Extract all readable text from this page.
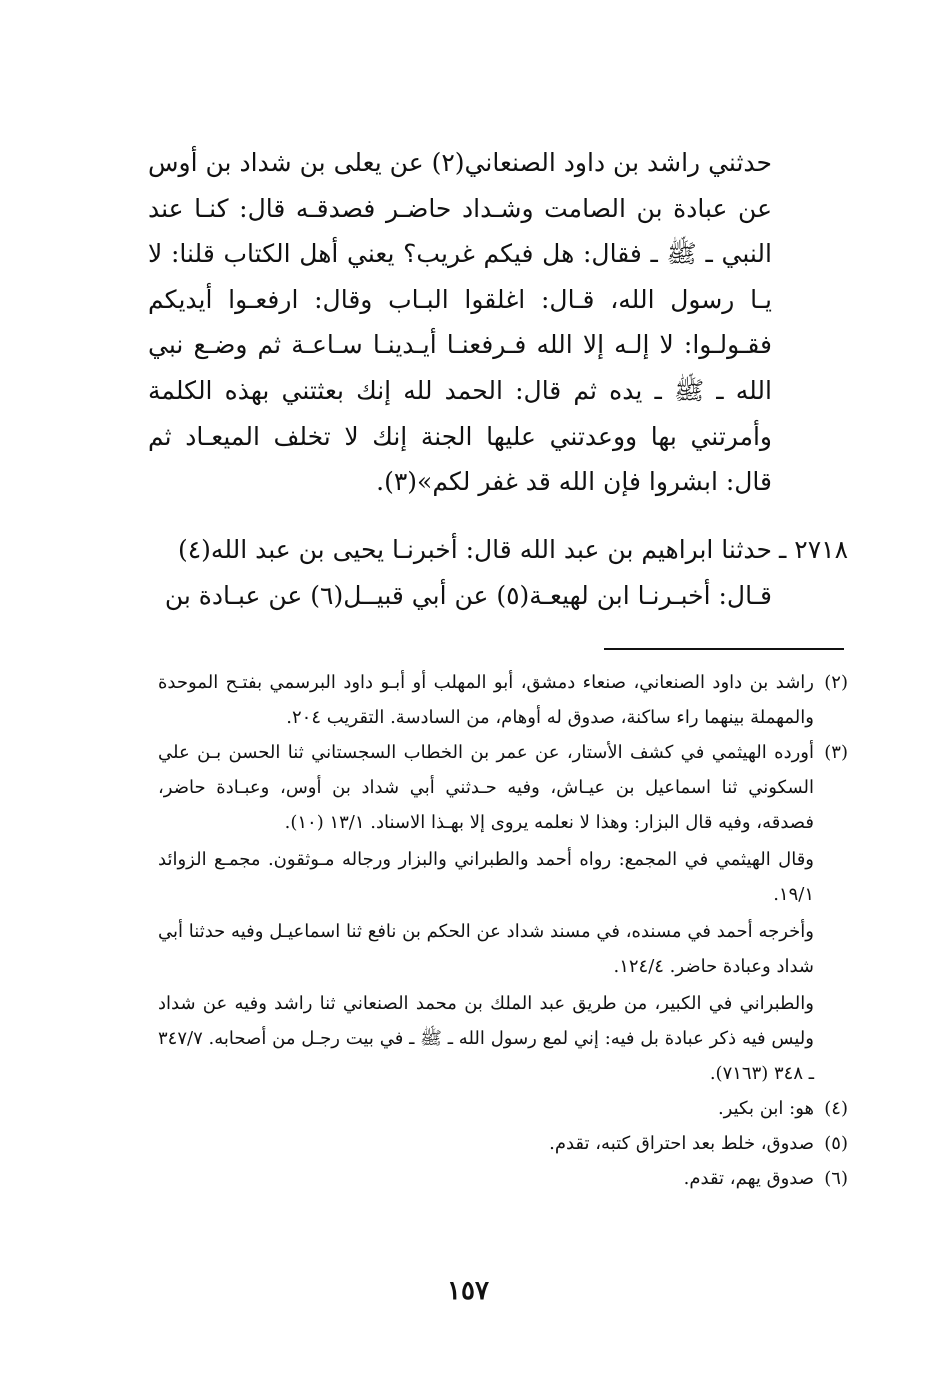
حدثني راشد بن داود الصنعاني(٢) عن يعلى بن شداد بن أوس عن عبادة بن الصامت وشـداد حاضـر فصدقـه قال: كنـا عند النبي ـ ﷺ ـ فقال: هل فيكم غريب؟ يعني أهل الكتاب قلنا: لا يـا رسول الله، قـال: اغلقوا البـاب وقال: ارفعـوا أيديكم فقـولـوا: لا إلـه إلا الله فـرفعنـا أيـدينـا سـاعـة ثم وضـع نبي الله ـ ﷺ ـ يده ثم قال: الحمد لله إنك بعثتني بهذه الكلمة وأمرتني بها ووعدتني عليها الجنة إنك لا تخلف الميعـاد ثم قال: ابشروا فإن الله قد غفر لكم»(٣).

٢٧١٨ ـحدثنا ابراهيم بن عبد الله قال: أخبرنـا يحيى بن عبد الله(٤)
قـال: أخبـرنـا ابن لهيعـة(٥) عن أبي قبيــل(٦) عن عبـادة بن
(٢)
راشد بن داود الصنعاني، صنعاء دمشق، أبو المهلب أو أبـو داود البرسمي بفتـح الموحدة والمهملة بينهما راء ساكنة، صدوق له أوهام، من السادسة. التقريب ٢٠٤.
(٣)
أورده الهيثمي في كشف الأستار، عن عمر بن الخطاب السجستاني ثنا الحسن بـن علي السكوني ثنا اسماعيل بن عيـاش، وفيه حـدثني أبي شداد بن أوس، وعبـادة حاضر، فصدقه، وفيه قال البزار: وهذا لا نعلمه يروى إلا بهـذا الاسناد. ١٣/١ (١٠).
وقال الهيثمي في المجمع: رواه أحمد والطبراني والبزار ورجاله مـوثقون. مجمـع الزوائد ١٩/١.
وأخرجه أحمد في مسنده، في مسند شداد عن الحكم بن نافع ثنا اسماعيـل وفيه حدثنا أبي شداد وعبادة حاضر. ١٢٤/٤.
والطبراني في الكبير، من طريق عبد الملك بن محمد الصنعاني ثنا راشد وفيه عن شداد وليس فيه ذكر عبادة بل فيه: إني لمع رسول الله ـ ﷺ ـ في بيت رجـل من أصحابه. ٣٤٧/٧ ـ ٣٤٨ (٧١٦٣).
(٤)
هو: ابن بكير.
(٥)
صدوق، خلط بعد احتراق كتبه، تقدم.
(٦)
صدوق يهم، تقدم.
١٥٧
